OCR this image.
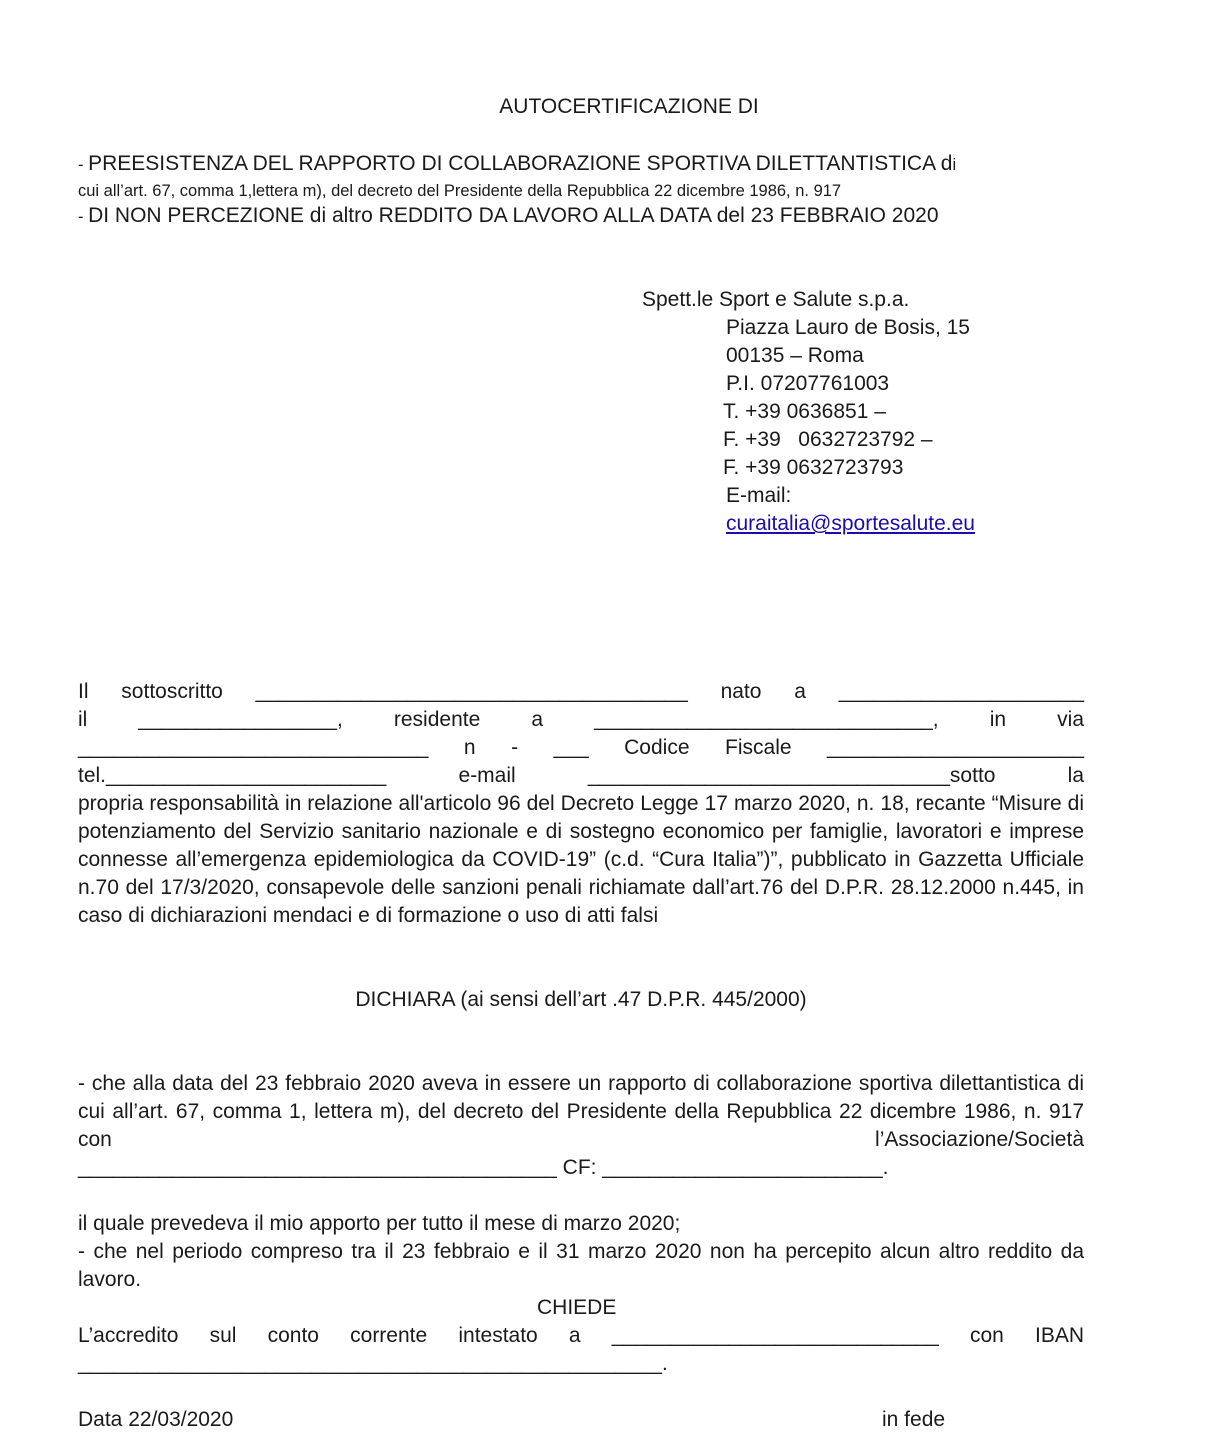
AUTOCERTIFICAZIONE DI
- PREESISTENZA DEL RAPPORTO DI COLLABORAZIONE SPORTIVA DILETTANTISTICA di
cui all’art. 67, comma 1,lettera m), del decreto del Presidente della Repubblica 22 dicembre 1986, n. 917
- DI NON PERCEZIONE di altro REDDITO DA LAVORO ALLA DATA del 23 FEBBRAIO 2020
Spett.le Sport e Salute s.p.a.
Piazza Lauro de Bosis, 15
00135 – Roma
P.I. 07207761003
T. +39 0636851 –
F. +39   0632723792 –
F. +39 0632723793
E-mail:
curaitalia@sportesalute.eu
Il sottoscritto _____________________________________ nato a _____________________
il _________________, residente a _____________________________, in via
______________________________ n - ___ Codice Fiscale ______________________
tel.________________________ e-mail _______________________________sotto la
propria responsabilità in relazione all'articolo 96 del Decreto Legge 17 marzo 2020, n. 18, recante “Misure di potenziamento del Servizio sanitario nazionale e di sostegno economico per famiglie, lavoratori e imprese connesse all’emergenza epidemiologica da COVID-19” (c.d. “Cura Italia”)”, pubblicato in Gazzetta Ufficiale n.70 del 17/3/2020, consapevole delle sanzioni penali richiamate dall’art.76 del D.P.R. 28.12.2000 n.445, in caso di dichiarazioni mendaci e di formazione o uso di atti falsi
DICHIARA (ai sensi dell’art .47 D.P.R. 445/2000)
- che alla data del 23 febbraio 2020 aveva in essere un rapporto di collaborazione sportiva dilettantistica di cui all’art. 67, comma 1, lettera m), del decreto del Presidente della Repubblica 22 dicembre 1986, n. 917 con l’Associazione/Società
_________________________________________ CF: ________________________.
il quale prevedeva il mio apporto per tutto il mese di marzo 2020;
- che nel periodo compreso tra il 23 febbraio e il 31 marzo 2020 non ha percepito alcun altro reddito da lavoro.
CHIEDE
L’accredito sul conto corrente intestato a ____________________________ con IBAN
__________________________________________________.
Data 22/03/2020	in fede
